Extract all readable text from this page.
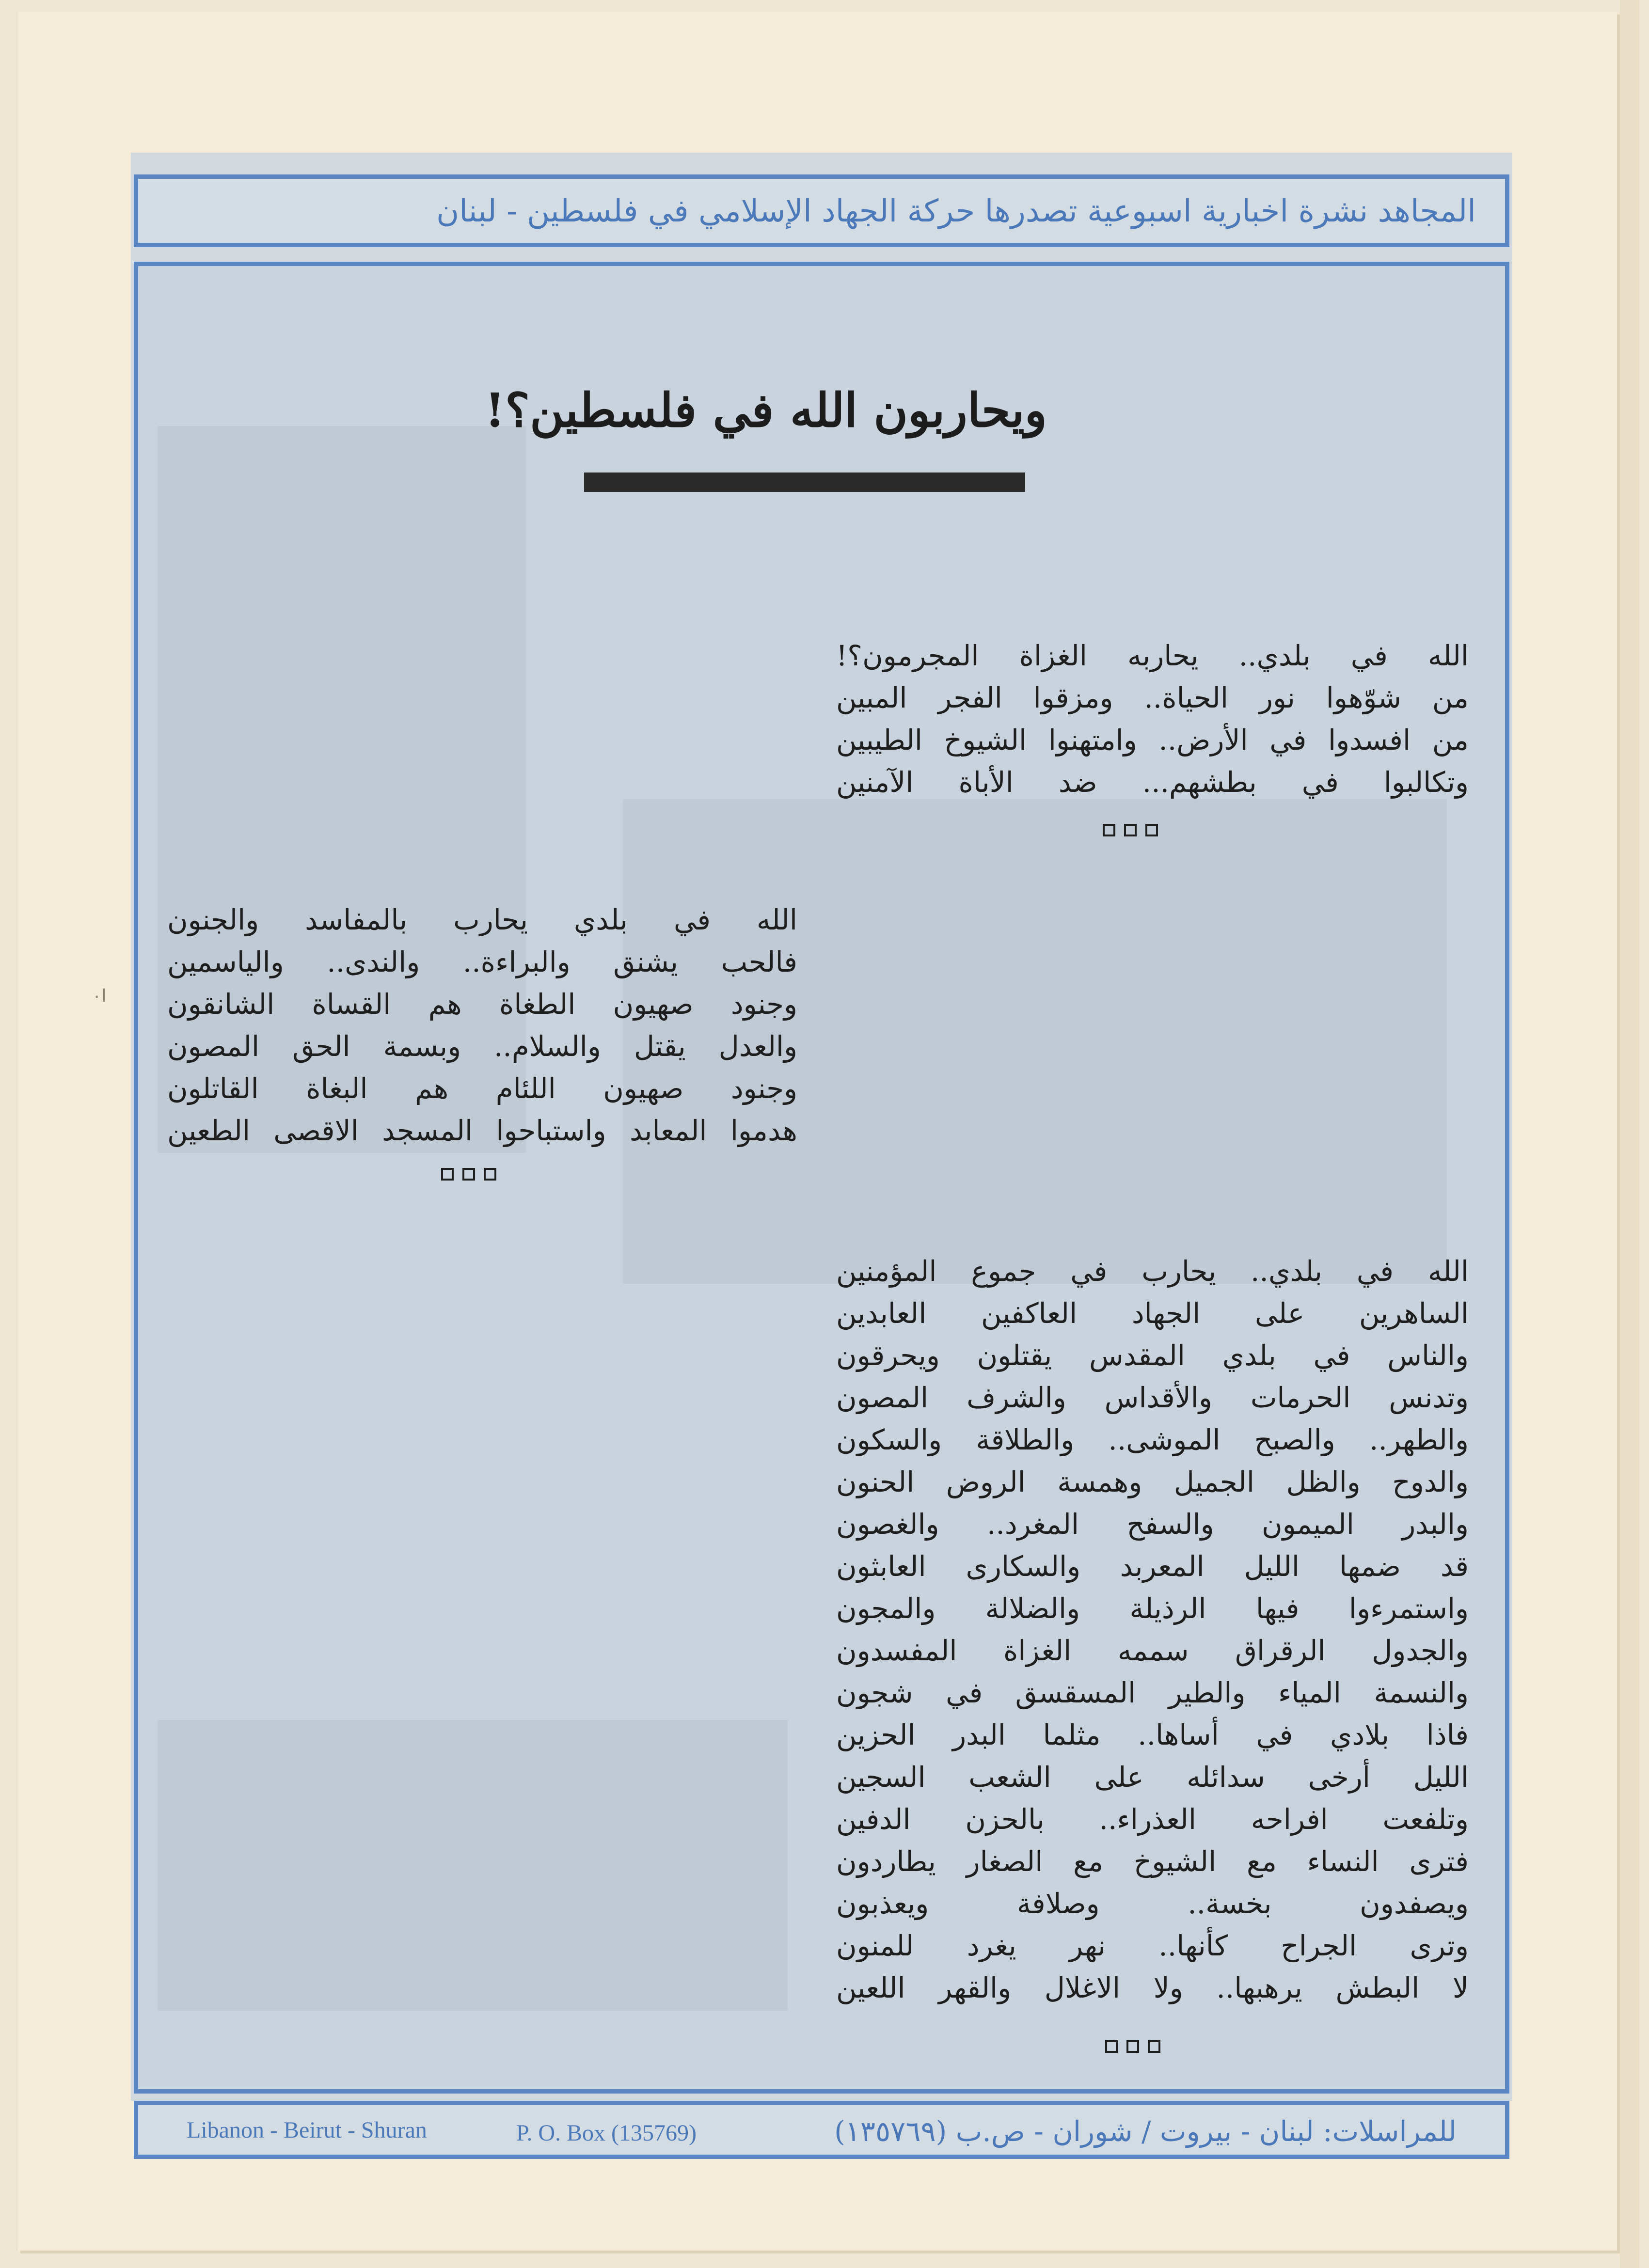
المجاهد نشرة اخبارية اسبوعية تصدرها حركة الجهاد الإسلامي في فلسطين - لبنان
ويحاربون الله في فلسطين؟!
الله في بلدي.. يحاربه الغزاة المجرمون؟!
من شوّهوا نور الحياة.. ومزقوا الفجر المبين
من افسدوا في الأرض.. وامتهنوا الشيوخ الطيبين
وتكالبوا في بطشهم... ضد الأباة الآمنين
الله في بلدي يحارب بالمفاسد والجنون
فالحب يشنق والبراءة.. والندى.. والياسمين
وجنود صهيون الطغاة هم القساة الشانقون
والعدل يقتل والسلام.. وبسمة الحق المصون
وجنود صهيون اللئام هم البغاة القاتلون
هدموا المعابد واستباحوا المسجد الاقصى الطعين
ا۰
الله في بلدي.. يحارب في جموع المؤمنين
الساهرين على الجهاد العاكفين العابدين
والناس في بلدي المقدس يقتلون ويحرقون
وتدنس الحرمات والأقداس والشرف المصون
والطهر.. والصبح الموشى.. والطلاقة والسكون
والدوح والظل الجميل وهمسة الروض الحنون
والبدر الميمون والسفح المغرد.. والغصون
قد ضمها الليل المعربد والسكارى العابثون
واستمرءوا فيها الرذيلة والضلالة والمجون
والجدول الرقراق سممه الغزاة المفسدون
والنسمة المياء والطير المسقسق في شجون
فاذا بلادي في أساها.. مثلما البدر الحزين
الليل أرخى سدائله على الشعب السجين
وتلفعت افراحه العذراء.. بالحزن الدفين
فترى النساء مع الشيوخ مع الصغار يطاردون
ويصفدون بخسة.. وصلافة ويعذبون
وترى الجراح كأنها.. نهر يغرد للمنون
لا البطش يرهبها.. ولا الاغلال والقهر اللعين
Libanon - Beirut - Shuran	P. O. Box (135769)	للمراسلات: لبنان - بيروت / شوران - ص.ب (١٣٥٧٦٩)
